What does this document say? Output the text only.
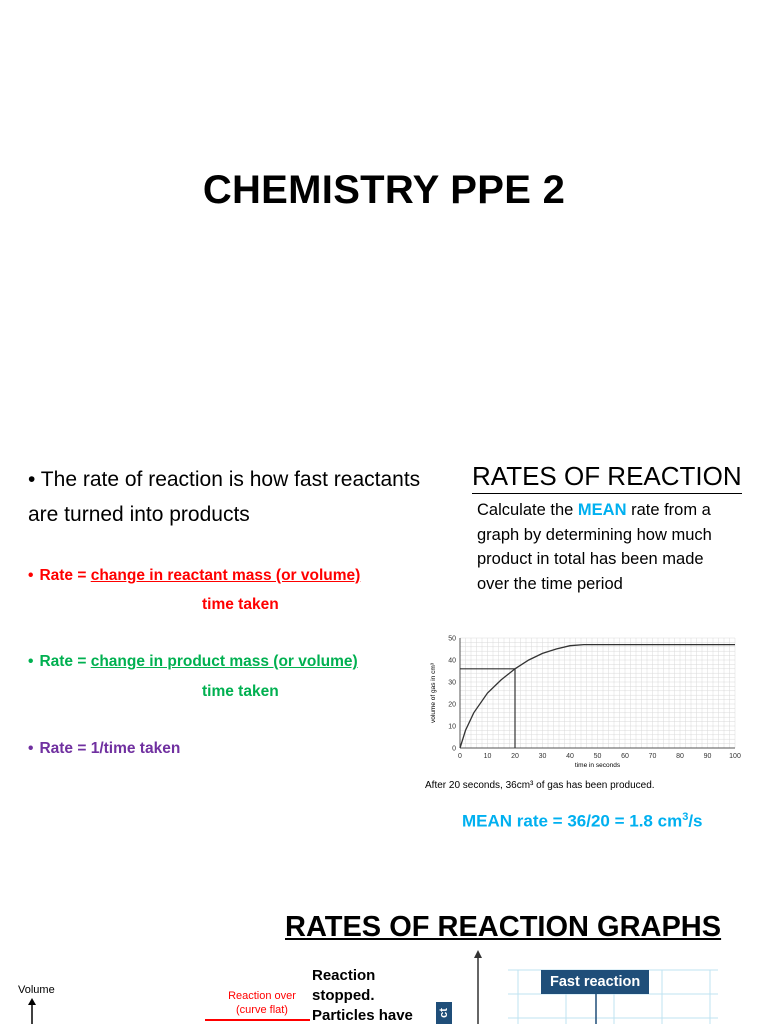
CHEMISTRY PPE 2
• The rate of reaction is how fast reactants are turned into products
• Rate = change in reactant mass (or volume)
time taken
• Rate = change in product mass (or volume)
time taken
• Rate = 1/time taken
RATES OF REACTION
Calculate the MEAN rate from a graph by determining how much product in total has been made over the time period
0	10	20	30	40	50	60	70	80	90	100
0
10
20
30
40
50
time in seconds
volume of gas in cm³
After 20 seconds, 36cm³ of gas has been produced.
MEAN rate = 36/20 = 1.8 $cm^3/s$
RATES OF REACTION GRAPHS
Volume	Reaction over
(curve flat)
Reaction stopped. Particles have	ct
Fast reaction
